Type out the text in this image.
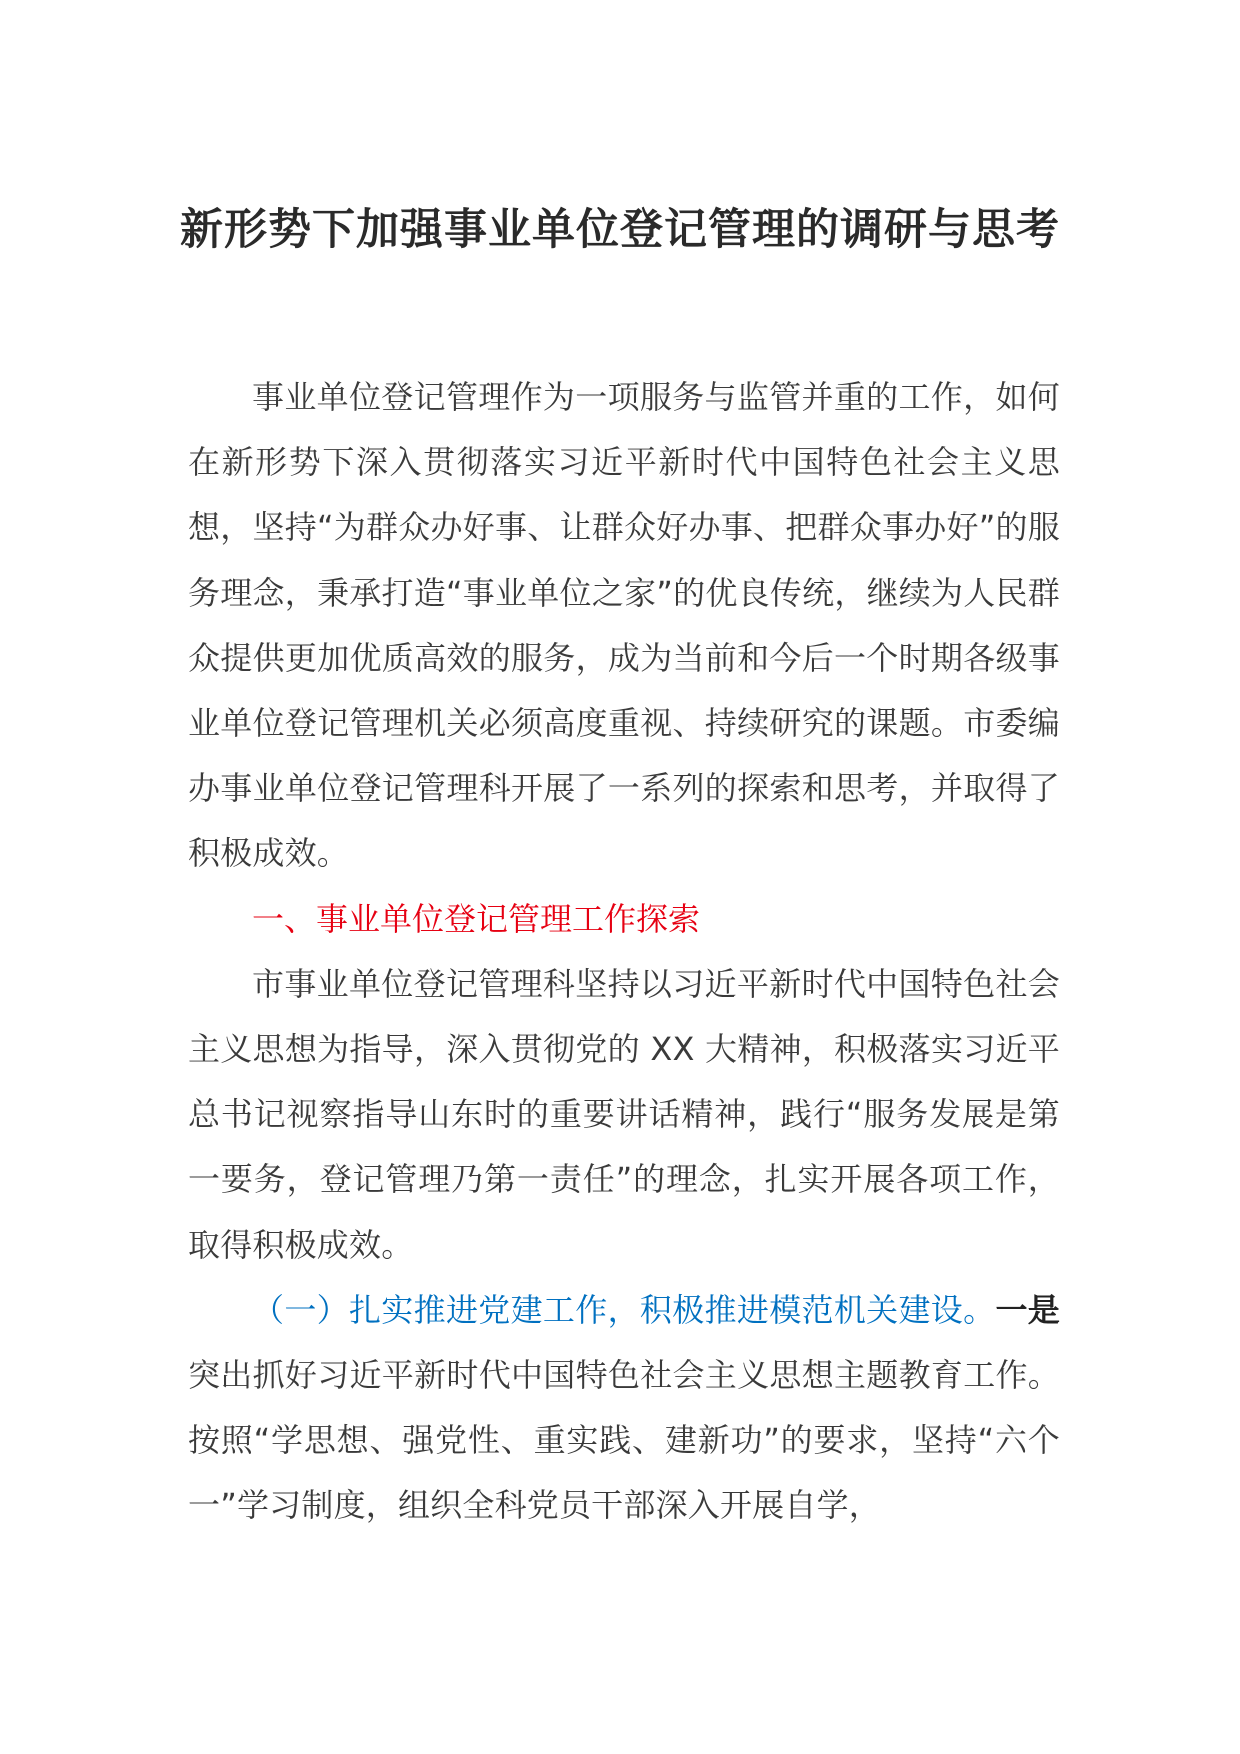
新形势下加强事业单位登记管理的调研与思考

事业单位登记管理作为一项服务与监管并重的工作，如何在新形势下深入贯彻落实习近平新时代中国特色社会主义思想，坚持“为群众办好事、让群众好办事、把群众事办好”的服务理念，秉承打造“事业单位之家”的优良传统，继续为人民群众提供更加优质高效的服务，成为当前和今后一个时期各级事业单位登记管理机关必须高度重视、持续研究的课题。市委编办事业单位登记管理科开展了一系列的探索和思考，并取得了积极成效。

一、事业单位登记管理工作探索

市事业单位登记管理科坚持以习近平新时代中国特色社会主义思想为指导，深入贯彻党的 XX 大精神，积极落实习近平总书记视察指导山东时的重要讲话精神，践行“服务发展是第一要务，登记管理乃第一责任”的理念，扎实开展各项工作，取得积极成效。

（一）扎实推进党建工作，积极推进模范机关建设。一是突出抓好习近平新时代中国特色社会主义思想主题教育工作。按照“学思想、强党性、重实践、建新功”的要求，坚持“六个一”学习制度，组织全科党员干部深入开展自学，
